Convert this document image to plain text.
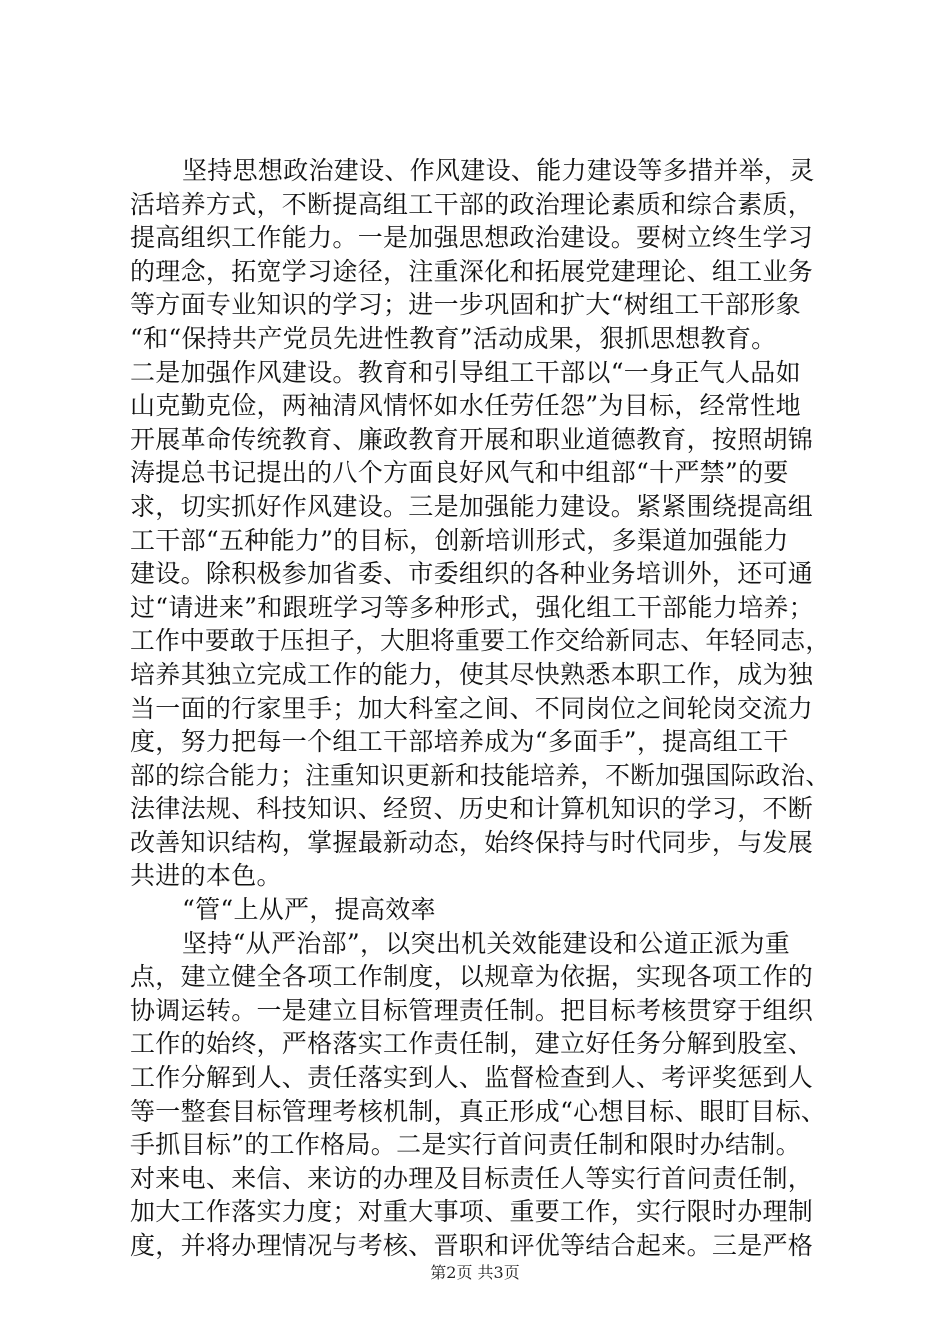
坚持思想政治建设、作风建设、能力建设等多措并举，灵
活培养方式，不断提高组工干部的政治理论素质和综合素质，
提高组织工作能力。一是加强思想政治建设。要树立终生学习
的理念，拓宽学习途径，注重深化和拓展党建理论、组工业务
等方面专业知识的学习；进一步巩固和扩大“树组工干部形象
“和“保持共产党员先进性教育”活动成果，狠抓思想教育。
二是加强作风建设。教育和引导组工干部以“一身正气人品如
山克勤克俭，两袖清风情怀如水任劳任怨”为目标，经常性地
开展革命传统教育、廉政教育开展和职业道德教育，按照胡锦
涛提总书记提出的八个方面良好风气和中组部“十严禁”的要
求，切实抓好作风建设。三是加强能力建设。紧紧围绕提高组
工干部“五种能力”的目标，创新培训形式，多渠道加强能力
建设。除积极参加省委、市委组织的各种业务培训外，还可通
过“请进来”和跟班学习等多种形式，强化组工干部能力培养；
工作中要敢于压担子，大胆将重要工作交给新同志、年轻同志，
培养其独立完成工作的能力，使其尽快熟悉本职工作，成为独
当一面的行家里手；加大科室之间、不同岗位之间轮岗交流力
度，努力把每一个组工干部培养成为“多面手”，提高组工干
部的综合能力；注重知识更新和技能培养，不断加强国际政治、
法律法规、科技知识、经贸、历史和计算机知识的学习，不断
改善知识结构，掌握最新动态，始终保持与时代同步，与发展
共进的本色。
“管“上从严，提高效率
坚持“从严治部”，以突出机关效能建设和公道正派为重
点，建立健全各项工作制度，以规章为依据，实现各项工作的
协调运转。一是建立目标管理责任制。把目标考核贯穿于组织
工作的始终，严格落实工作责任制，建立好任务分解到股室、
工作分解到人、责任落实到人、监督检查到人、考评奖惩到人
等一整套目标管理考核机制，真正形成“心想目标、眼盯目标、
手抓目标”的工作格局。二是实行首问责任制和限时办结制。
对来电、来信、来访的办理及目标责任人等实行首问责任制，
加大工作落实力度；对重大事项、重要工作，实行限时办理制
度，并将办理情况与考核、晋职和评优等结合起来。三是严格
第2页 共3页
